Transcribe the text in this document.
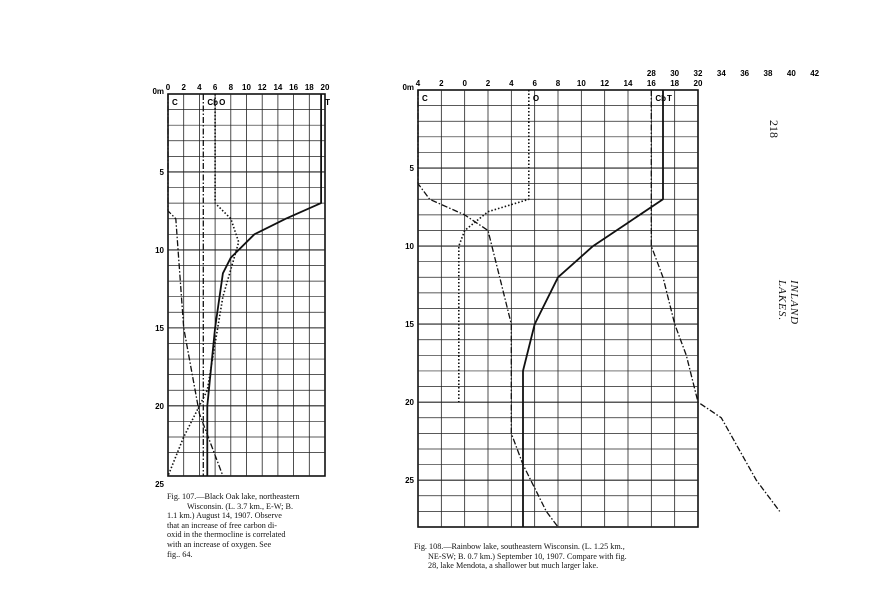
0 2 4 6 8 10 12 14 16 18 20
0m
5
10
15
20
25
C	Cb O	T
4 2 0 2 4 6 8 10 12 14 16 18 20
28 30 32 34 36 38 40 42
0m
5
10
15
20
25
C	O	Cb T
218
INLAND LAKES.
Fig. 107.—Black Oak lake, northeastern
Wisconsin. (L. 3.7 km., E-W; B.
1.1 km.) August 14, 1907. Observe
that an increase of free carbon di-
oxid in the thermocline is correlated
with an increase of oxygen. See
fig.. 64.
Fig. 108.—Rainbow lake, southeastern Wisconsin. (L. 1.25 km.,
NE-SW; B. 0.7 km.) September 10, 1907. Compare with fig.
28, lake Mendota, a shallower but much larger lake.
